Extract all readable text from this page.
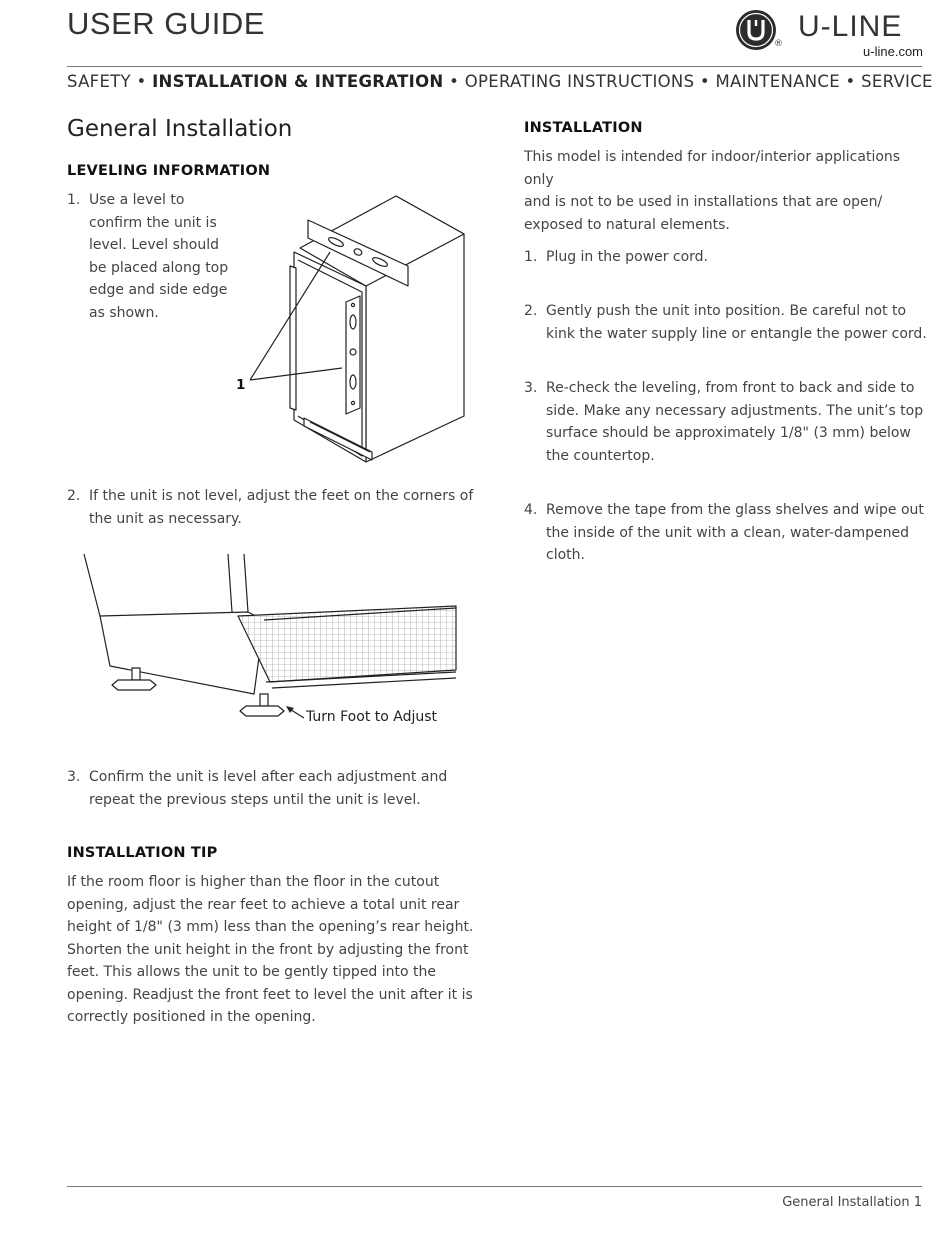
USER GUIDE
®
U-LINE
u-line.com
SAFETY • INSTALLATION & INTEGRATION • OPERATING INSTRUCTIONS • MAINTENANCE • SERVICE
General Installation
LEVELING INFORMATION
1. Use a level to
confirm the unit is
level. Level should
be placed along top
edge and side edge
as shown.
1
2. If the unit is not level, adjust the feet on the corners of
the unit as necessary.
Turn Foot to Adjust
3. Confirm the unit is level after each adjustment and
repeat the previous steps until the unit is level.
INSTALLATION TIP
If the room floor is higher than the floor in the cutout
opening, adjust the rear feet to achieve a total unit rear
height of 1/8" (3 mm) less than the opening’s rear height.
Shorten the unit height in the front by adjusting the front
feet. This allows the unit to be gently tipped into the
opening. Readjust the front feet to level the unit after it is
correctly positioned in the opening.
INSTALLATION
This model is intended for indoor/interior applications only
and is not to be used in installations that are open/
exposed to natural elements.
1. Plug in the power cord.
2. Gently push the unit into position. Be careful not to
kink the water supply line or entangle the power cord.
3. Re-check the leveling, from front to back and side to
side. Make any necessary adjustments. The unit’s top
surface should be approximately 1/8" (3 mm) below
the countertop.
4. Remove the tape from the glass shelves and wipe out
the inside of the unit with a clean, water-dampened
cloth.
General Installation 1
